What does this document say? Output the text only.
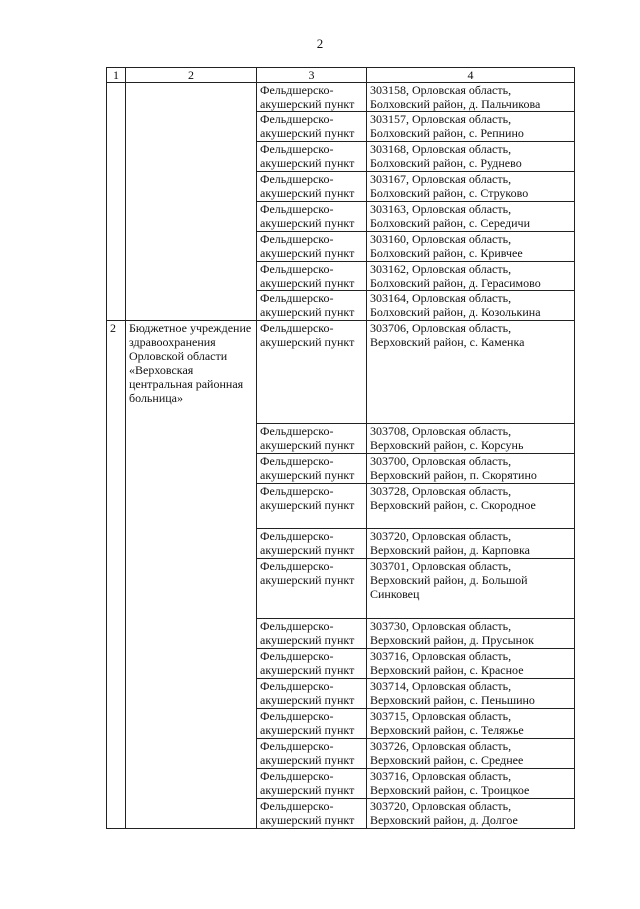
2
1	2	3	4
		Фельдшерско-акушерский пункт	303158, Орловская область, Болховский район, д. Пальчикова
		Фельдшерско-акушерский пункт	303157, Орловская область, Болховский район, с. Репнино
		Фельдшерско-акушерский пункт	303168, Орловская область, Болховский район, с. Руднево
		Фельдшерско-акушерский пункт	303167, Орловская область, Болховский район, с. Струково
		Фельдшерско-акушерский пункт	303163, Орловская область, Болховский район, с. Середичи
		Фельдшерско-акушерский пункт	303160, Орловская область, Болховский район, с. Кривчее
		Фельдшерско-акушерский пункт	303162, Орловская область, Болховский район, д. Герасимово
		Фельдшерско-акушерский пункт	303164, Орловская область, Болховский район, д. Козолькина
2	Бюджетное учреждение здравоохранения Орловской области «Верховская центральная районная больница»	Фельдшерско-акушерский пункт	303706, Орловская область, Верховский район, с. Каменка
		Фельдшерско-акушерский пункт	303708, Орловская область, Верховский район, с. Корсунь
		Фельдшерско-акушерский пункт	303700, Орловская область, Верховский район, п. Скорятино
		Фельдшерско-акушерский пункт	303728, Орловская область, Верховский район, с. Скородное
		Фельдшерско-акушерский пункт	303720, Орловская область, Верховский район, д. Карповка
		Фельдшерско-акушерский пункт	303701, Орловская область, Верховский район, д. Большой Синковец
		Фельдшерско-акушерский пункт	303730, Орловская область, Верховский район, д. Прусынок
		Фельдшерско-акушерский пункт	303716, Орловская область, Верховский район, с. Красное
		Фельдшерско-акушерский пункт	303714, Орловская область, Верховский район, с. Пеньшино
		Фельдшерско-акушерский пункт	303715, Орловская область, Верховский район, с. Теляжье
		Фельдшерско-акушерский пункт	303726, Орловская область, Верховский район, с. Среднее
		Фельдшерско-акушерский пункт	303716, Орловская область, Верховский район, с. Троицкое
		Фельдшерско-акушерский пункт	303720, Орловская область, Верховский район, д. Долгое
